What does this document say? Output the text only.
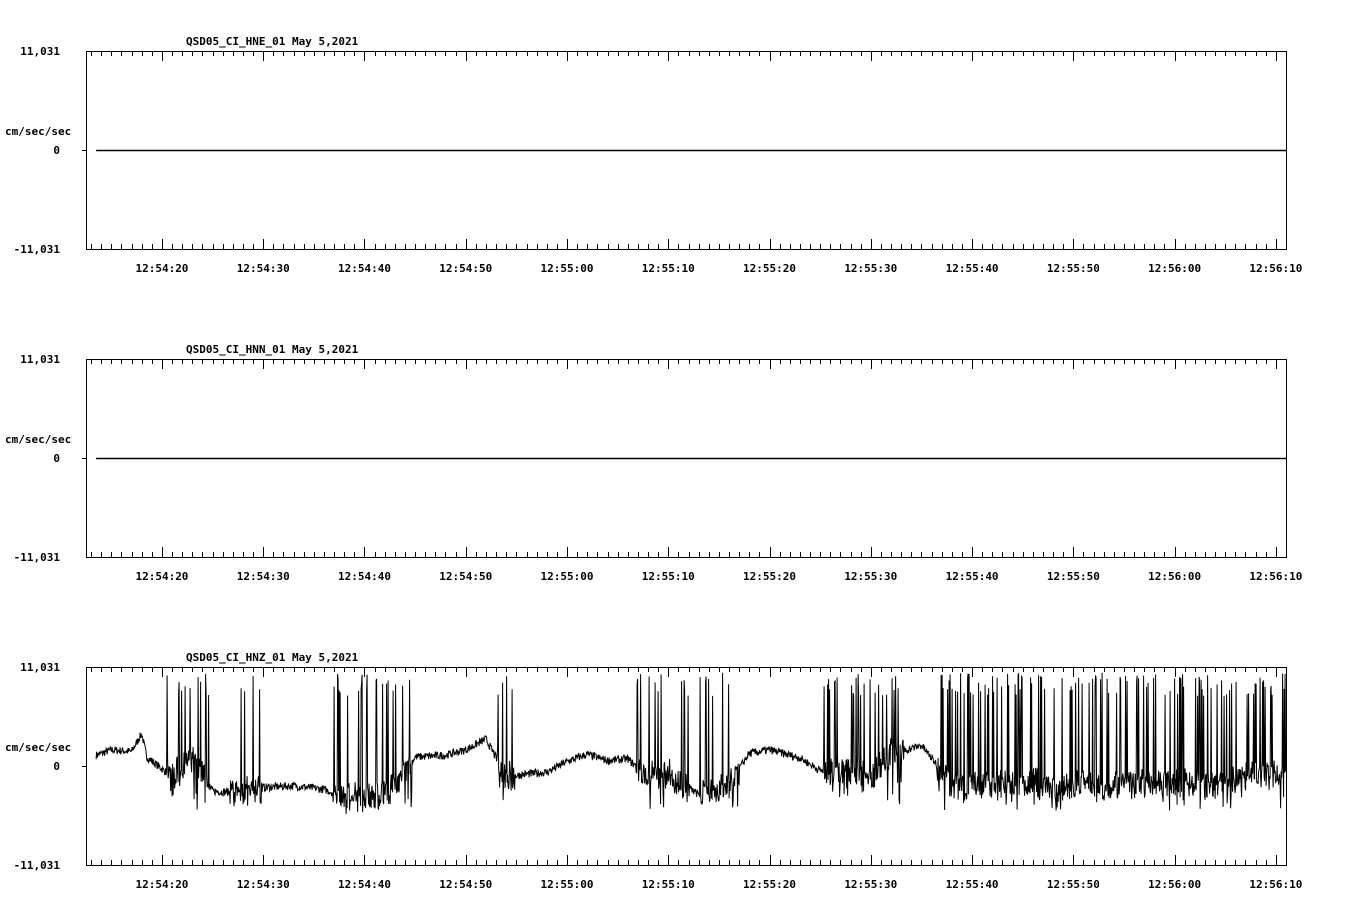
QSD05_CI_HNE_01 May 5,2021
cm/sec/sec
11,031
0
-11,031
12:54:20	12:54:30	12:54:40	12:54:50	12:55:00	12:55:10	12:55:20	12:55:30	12:55:40	12:55:50	12:56:00	12:56:10
QSD05_CI_HNN_01 May 5,2021
cm/sec/sec
11,031
0
-11,031
12:54:20	12:54:30	12:54:40	12:54:50	12:55:00	12:55:10	12:55:20	12:55:30	12:55:40	12:55:50	12:56:00	12:56:10
QSD05_CI_HNZ_01 May 5,2021
cm/sec/sec
11,031
0
-11,031
12:54:20	12:54:30	12:54:40	12:54:50	12:55:00	12:55:10	12:55:20	12:55:30	12:55:40	12:55:50	12:56:00	12:56:10
